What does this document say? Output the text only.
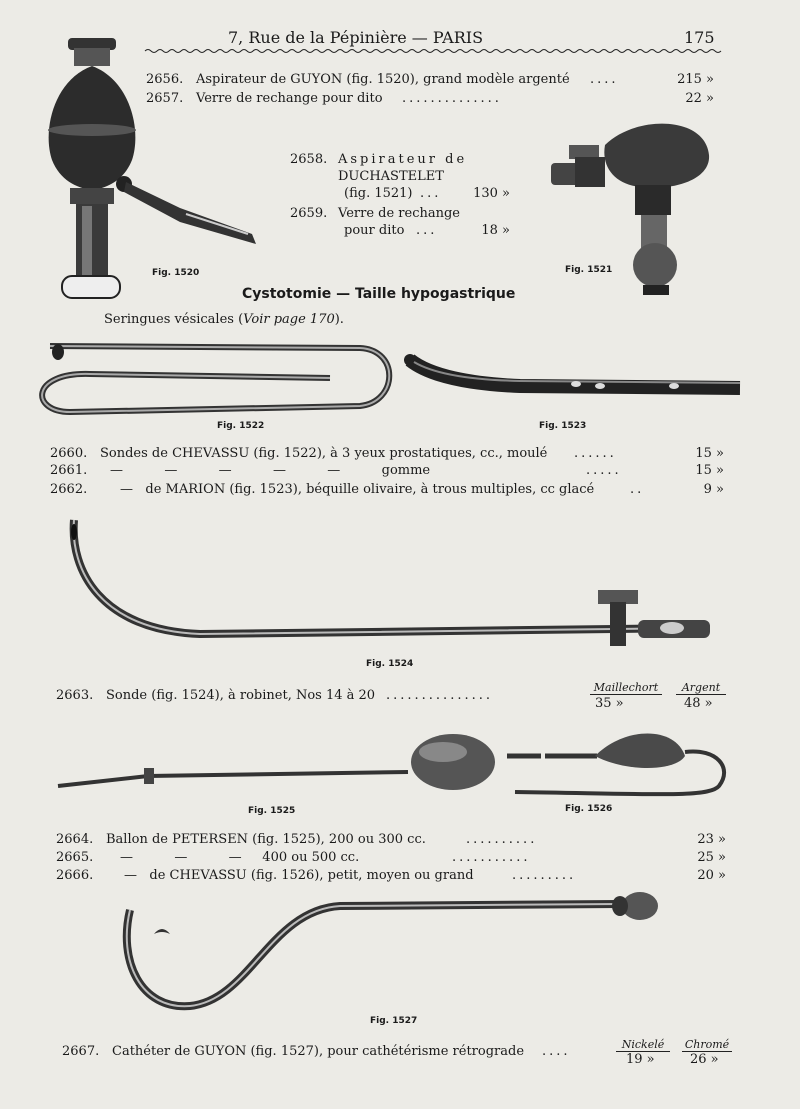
7, Rue de la Pépinière — PARIS	175
2656. Aspirateur de GUYON (fig. 1520), grand modèle argenté ....	215 »
2657. Verre de rechange pour dito ..............	22 »
Fig. 1520
2658. Aspirateur de
DUCHASTELET
(fig. 1521) ...	130 »
2659. Verre de rechange
pour dito ...	18 »
Fig. 1521
Cystotomie — Taille hypogastrique
Seringues vésicales (Voir page 170).
Fig. 1522	Fig. 1523
2660. Sondes de CHEVASSU (fig. 1522), à 3 yeux prostatiques, cc., moulé ......	15 »
2661. —          —          —          —          —          gomme	.....	15 »
2662.	—   de MARION (fig. 1523), béquille olivaire, à trous multiples, cc glacé	..	9 »
Fig. 1524
Maillechort	Argent
2663. Sonde (fig. 1524), à robinet, Nos 14 à 20 ...............
35 »	48 »
Fig. 1525	Fig. 1526
2664. Ballon de PETERSEN (fig. 1525), 200 ou 300 cc.	..........	23 »
2665. —          —          —     400 ou 500 cc.	...........	25 »
2666. —   de CHEVASSU (fig. 1526), petit, moyen ou grand	.........	20 »
Fig. 1527
Nickelé	Chromé
2667. Cathéter de GUYON (fig. 1527), pour cathétérisme rétrograde ....
19 »	26 »
